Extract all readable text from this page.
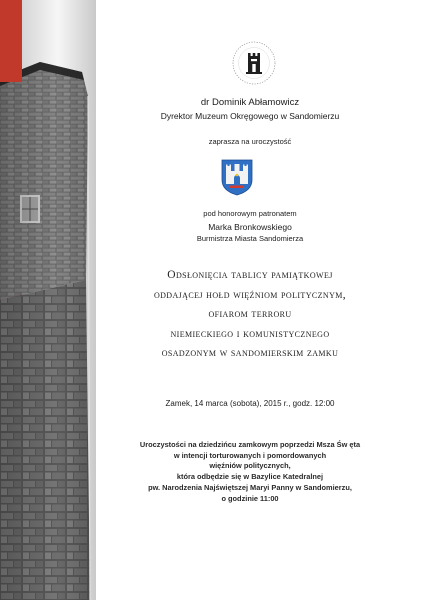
dr Dominik Abłamowicz
Dyrektor Muzeum Okręgowego w Sandomierzu
zaprasza na uroczystość
pod honorowym patronatem
Marka Bronkowskiego
Burmistrza Miasta Sandomierza
Odsłonięcia tablicy pamiątkowej
oddającej hołd więźniom politycznym,
ofiarom terroru
niemieckiego i komunistycznego
osadzonym w sandomierskim zamku
Zamek, 14 marca (sobota), 2015 r., godz. 12:00
Uroczystości na dziedzińcu zamkowym poprzedzi Msza Św ęta
w intencji torturowanych i pomordowanych
więźniów politycznych,
która odbędzie się w Bazylice Katedralnej
pw. Narodzenia Najświętszej Maryi Panny w Sandomierzu,
o godzinie 11:00
